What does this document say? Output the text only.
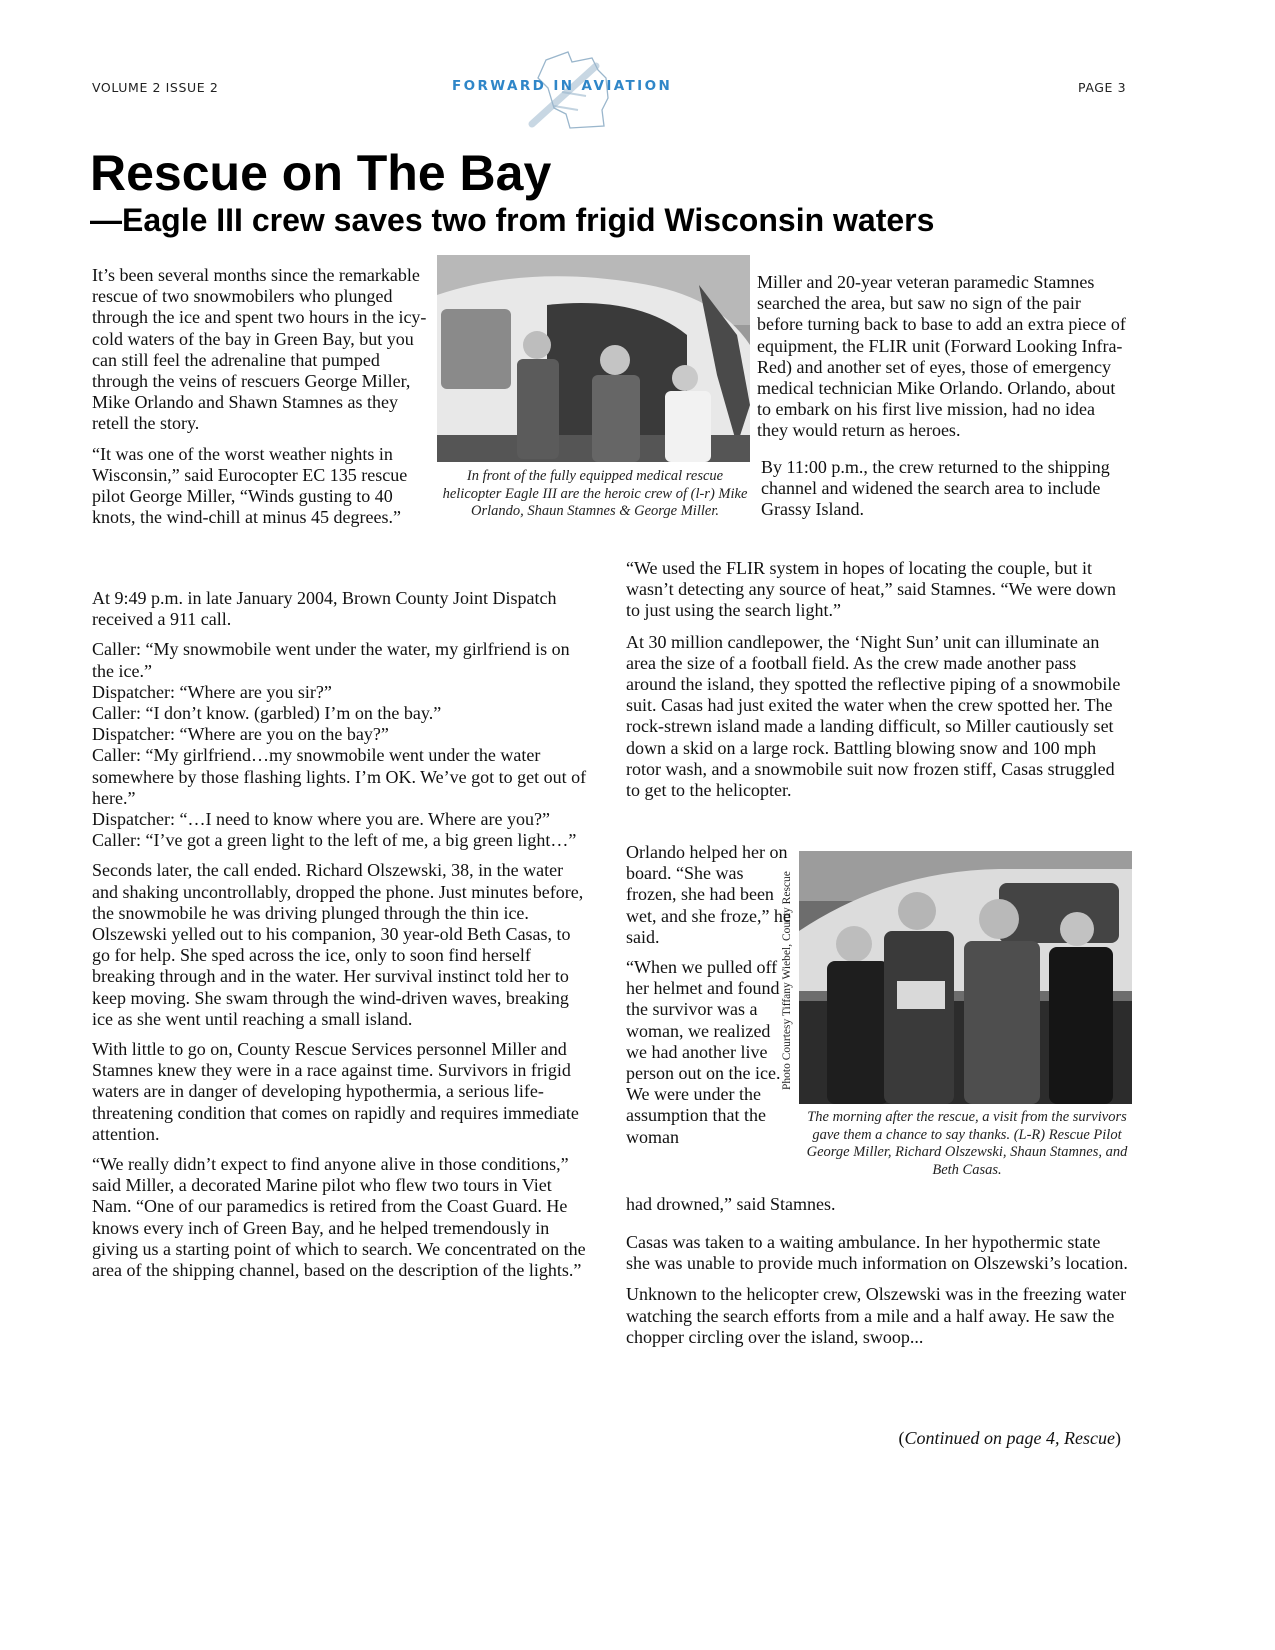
VOLUME 2 ISSUE 2	FORWARD IN AVIATION	PAGE 3
Rescue on The Bay
—Eagle III crew saves two from frigid Wisconsin waters

It’s been several months since the remarkable rescue of two snowmobilers who plunged through the ice and spent two hours in the icy-cold waters of the bay in Green Bay, but you can still feel the adrenaline that pumped through the veins of rescuers George Miller, Mike Orlando and Shawn Stamnes as they retell the story.

“It was one of the worst weather nights in Wisconsin,” said Eurocopter EC 135 rescue pilot George Miller, “Winds gusting to 40 knots, the wind-chill at minus 45 degrees.”

In front of the fully equipped medical rescue helicopter Eagle III are the heroic crew of (l-r) Mike Orlando, Shaun Stamnes & George Miller.

At 9:49 p.m. in late January 2004, Brown County Joint Dispatch received a 911 call.

Caller: “My snowmobile went under the water, my girlfriend is on the ice.”

Dispatcher: “Where are you sir?”

Caller: “I don’t know. (garbled) I’m on the bay.”

Dispatcher: “Where are you on the bay?”

Caller: “My girlfriend…my snowmobile went under the water somewhere by those flashing lights. I’m OK. We’ve got to get out of here.”

Dispatcher: “…I need to know where you are. Where are you?”

Caller: “I’ve got a green light to the left of me, a big green light…”

Seconds later, the call ended. Richard Olszewski, 38, in the water and shaking uncontrollably, dropped the phone. Just minutes before, the snowmobile he was driving plunged through the thin ice. Olszewski yelled out to his companion, 30 year-old Beth Casas, to go for help. She sped across the ice, only to soon find herself breaking through and in the water. Her survival instinct told her to keep moving. She swam through the wind-driven waves, breaking ice as she went until reaching a small island.

With little to go on, County Rescue Services personnel Miller and Stamnes knew they were in a race against time. Survivors in frigid waters are in danger of developing hypothermia, a serious life-threatening condition that comes on rapidly and requires immediate attention.

“We really didn’t expect to find anyone alive in those conditions,” said Miller, a decorated Marine pilot who flew two tours in Viet Nam. “One of our paramedics is retired from the Coast Guard. He knows every inch of Green Bay, and he helped tremendously in giving us a starting point of which to search. We concentrated on the area of the shipping channel, based on the description of the lights.”

Miller and 20-year veteran paramedic Stamnes searched the area, but saw no sign of the pair before turning back to base to add an extra piece of equipment, the FLIR unit (Forward Looking Infra-Red) and another set of eyes, those of emergency medical technician Mike Orlando. Orlando, about to embark on his first live mission, had no idea they would return as heroes.

By 11:00 p.m., the crew returned to the shipping channel and widened the search area to include Grassy Island.

“We used the FLIR system in hopes of locating the couple, but it wasn’t detecting any source of heat,” said Stamnes. “We were down to just using the search light.”

At 30 million candlepower, the ‘Night Sun’ unit can illuminate an area the size of a football field. As the crew made another pass around the island, they spotted the reflective piping of a snowmobile suit. Casas had just exited the water when the crew spotted her. The rock-strewn island made a landing difficult, so Miller cautiously set down a skid on a large rock. Battling blowing snow and 100 mph rotor wash, and a snowmobile suit now frozen stiff, Casas struggled to get to the helicopter.

Orlando helped her on board. “She was frozen, she had been wet, and she froze,” he said.

“When we pulled off her helmet and found the survivor was a woman, we realized we had another live person out on the ice. We were under the assumption that the woman

had drowned,” said Stamnes.
Photo Courtesy Tiffany Wiebel, County Rescue
The morning after the rescue, a visit from the survivors gave them a chance to say thanks. (L-R) Rescue Pilot George Miller, Richard Olszewski, Shaun Stamnes, and Beth Casas.

Casas was taken to a waiting ambulance. In her hypothermic state she was unable to provide much information on Olszewski’s location.

Unknown to the helicopter crew, Olszewski was in the freezing water watching the search efforts from a mile and a half away. He saw the chopper circling over the island, swoop...

(Continued on page 4, Rescue)
